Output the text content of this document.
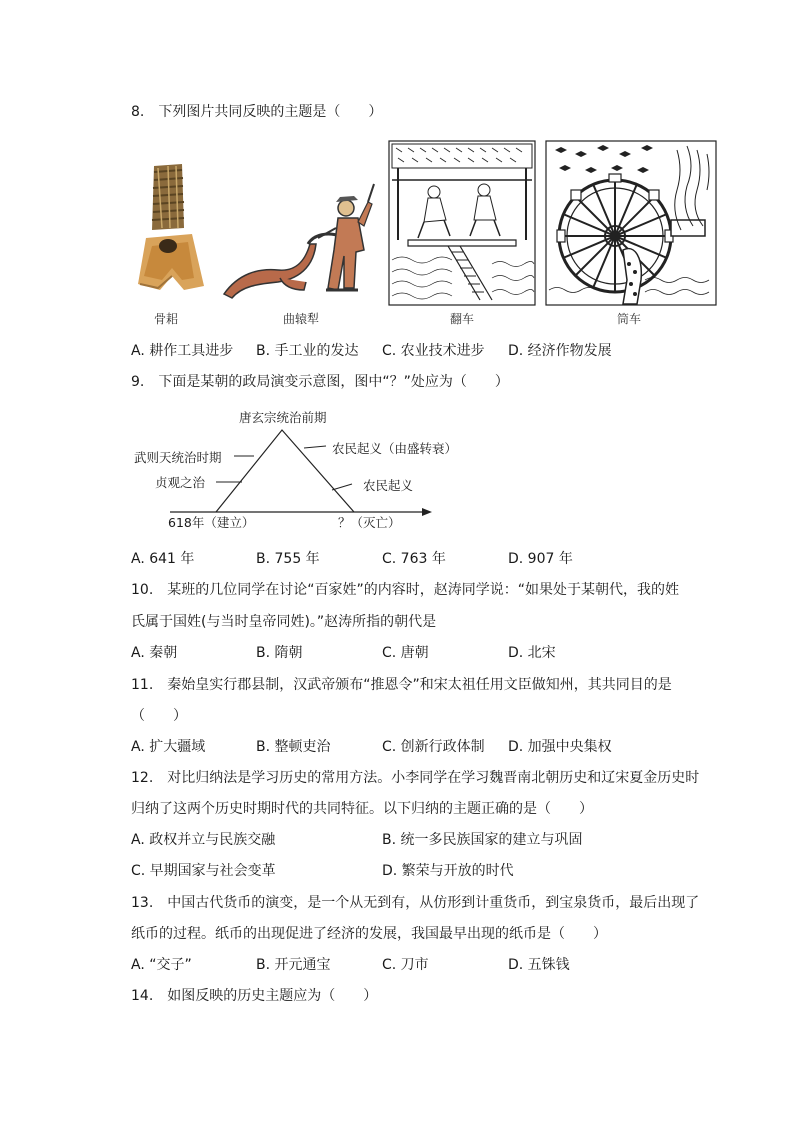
8.　下列图片共同反映的主题是（　　）
骨耜	曲辕犁	翻车	筒车
A. 耕作工具进步 B. 手工业的发达 C. 农业技术进步 D. 经济作物发展
9.　下面是某朝的政局演变示意图，图中“？”处应为（　　）
唐玄宗统治前期
武则天统治时期
贞观之治
农民起义（由盛转衰）
农民起义
618年（建立）	？（灭亡）
A. 641 年	B. 755 年	C. 763 年	D. 907 年
10.　某班的几位同学在讨论“百家姓”的内容时，赵涛同学说：“如果处于某朝代，我的姓
氏属于国姓(与当时皇帝同姓)。”赵涛所指的朝代是
A. 秦朝	B. 隋朝	C. 唐朝	D. 北宋
11.　秦始皇实行郡县制，汉武帝颁布“推恩令”和宋太祖任用文臣做知州，其共同目的是
（　　）
A. 扩大疆域	B. 整顿吏治	C. 创新行政体制 D. 加强中央集权
12.　对比归纳法是学习历史的常用方法。小李同学在学习魏晋南北朝历史和辽宋夏金历史时
归纳了这两个历史时期时代的共同特征。以下归纳的主题正确的是（　　）
A. 政权并立与民族交融	B. 统一多民族国家的建立与巩固
C. 早期国家与社会变革	D. 繁荣与开放的时代
13.　中国古代货币的演变，是一个从无到有，从仿形到计重货币，到宝泉货币，最后出现了
纸币的过程。纸币的出现促进了经济的发展，我国最早出现的纸币是（　　）
A. “交子”	B. 开元通宝	C. 刀市	D. 五铢钱
14.　如图反映的历史主题应为（　　）
